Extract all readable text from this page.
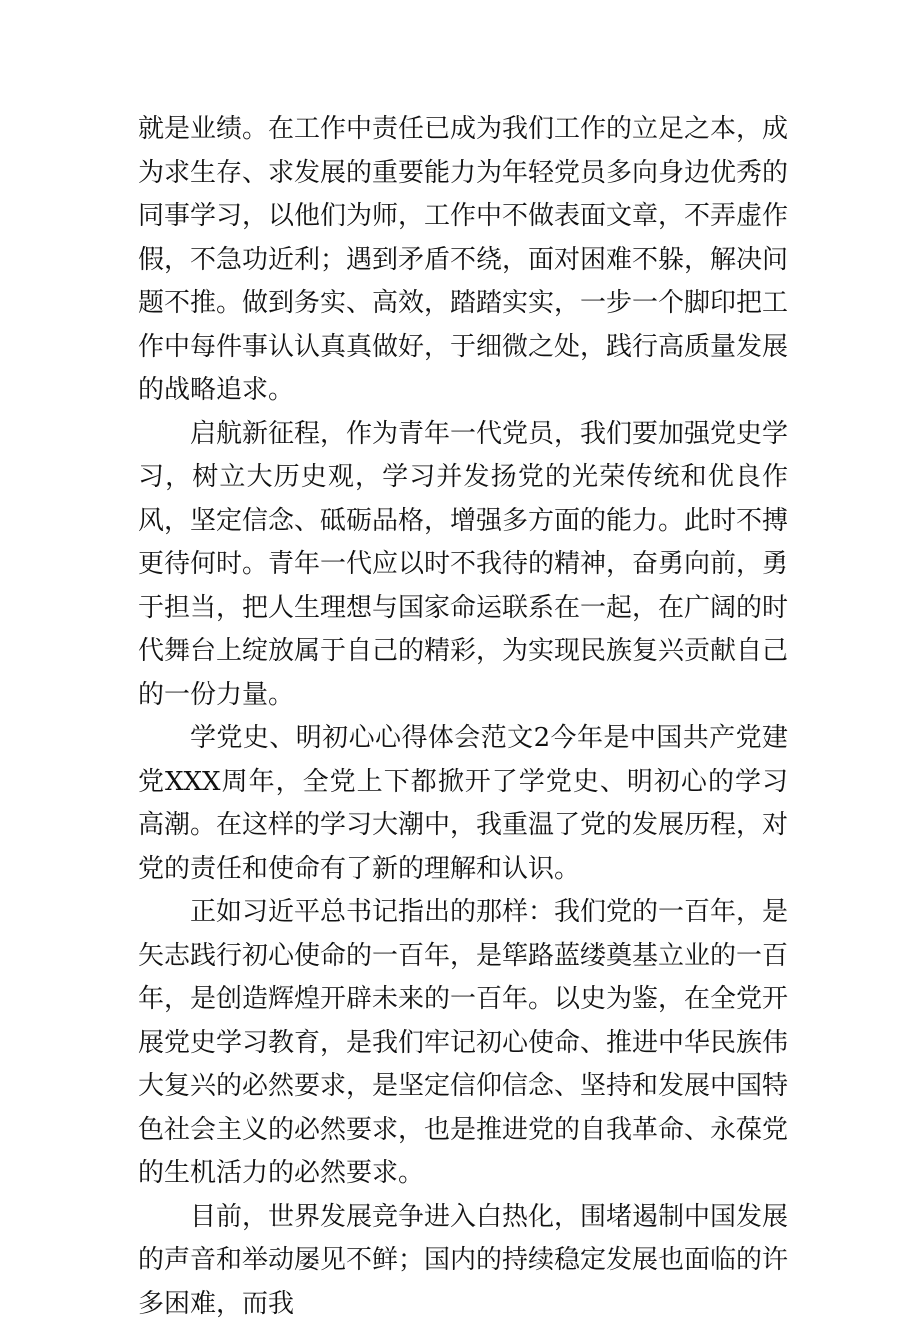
就是业绩。在工作中责任已成为我们工作的立足之本，成为求生存、求发展的重要能力为年轻党员多向身边优秀的同事学习，以他们为师，工作中不做表面文章，不弄虚作假，不急功近利；遇到矛盾不绕，面对困难不躲，解决问题不推。做到务实、高效，踏踏实实，一步一个脚印把工作中每件事认认真真做好，于细微之处，践行高质量发展的战略追求。

启航新征程，作为青年一代党员，我们要加强党史学习，树立大历史观，学习并发扬党的光荣传统和优良作风，坚定信念、砥砺品格，增强多方面的能力。此时不搏更待何时。青年一代应以时不我待的精神，奋勇向前，勇于担当，把人生理想与国家命运联系在一起，在广阔的时代舞台上绽放属于自己的精彩，为实现民族复兴贡献自己的一份力量。

学党史、明初心心得体会范文2今年是中国共产党建党XXX周年，全党上下都掀开了学党史、明初心的学习高潮。在这样的学习大潮中，我重温了党的发展历程，对党的责任和使命有了新的理解和认识。

正如习近平总书记指出的那样：我们党的一百年，是矢志践行初心使命的一百年，是筚路蓝缕奠基立业的一百年，是创造辉煌开辟未来的一百年。以史为鉴，在全党开展党史学习教育，是我们牢记初心使命、推进中华民族伟大复兴的必然要求，是坚定信仰信念、坚持和发展中国特色社会主义的必然要求，也是推进党的自我革命、永葆党的生机活力的必然要求。

目前，世界发展竞争进入白热化，围堵遏制中国发展的声音和举动屡见不鲜；国内的持续稳定发展也面临的许多困难，而我
